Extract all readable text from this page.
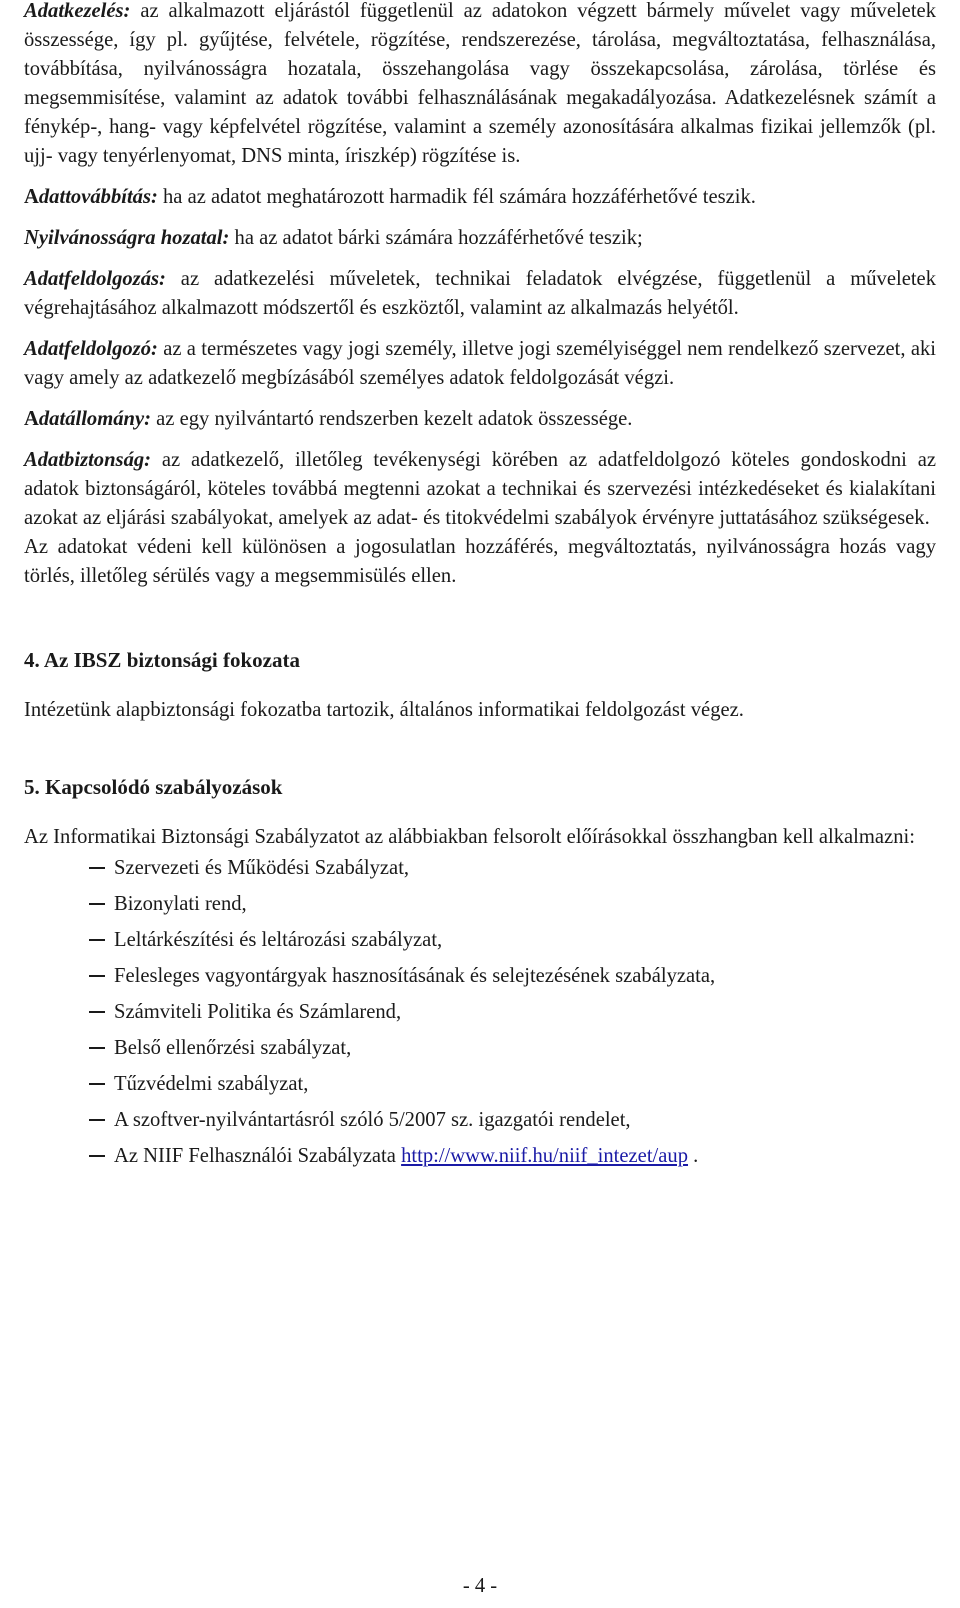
Adatkezelés: az alkalmazott eljárástól függetlenül az adatokon végzett bármely művelet vagy műveletek összessége, így pl. gyűjtése, felvétele, rögzítése, rendszerezése, tárolása, megváltoztatása, felhasználása, továbbítása, nyilvánosságra hozatala, összehangolása vagy összekapcsolása, zárolása, törlése és megsemmisítése, valamint az adatok további felhasználásának megakadályozása. Adatkezelésnek számít a fénykép-, hang- vagy képfelvétel rögzítése, valamint a személy azonosítására alkalmas fizikai jellemzők (pl. ujj- vagy tenyérlenyomat, DNS minta, íriszkép) rögzítése is.

Adattovábbítás: ha az adatot meghatározott harmadik fél számára hozzáférhetővé teszik.

Nyilvánosságra hozatal: ha az adatot bárki számára hozzáférhetővé teszik;

Adatfeldolgozás: az adatkezelési műveletek, technikai feladatok elvégzése, függetlenül a műveletek végrehajtásához alkalmazott módszertől és eszköztől, valamint az alkalmazás helyétől.

Adatfeldolgozó: az a természetes vagy jogi személy, illetve jogi személyiséggel nem rendelkező szervezet, aki vagy amely az adatkezelő megbízásából személyes adatok feldolgozását végzi.

Adatállomány: az egy nyilvántartó rendszerben kezelt adatok összessége.

Adatbiztonság: az adatkezelő, illetőleg tevékenységi körében az adatfeldolgozó köteles gondoskodni az adatok biztonságáról, köteles továbbá megtenni azokat a technikai és szervezési intézkedéseket és kialakítani azokat az eljárási szabályokat, amelyek az adat- és titokvédelmi szabályok érvényre juttatásához szükségesek.

Az adatokat védeni kell különösen a jogosulatlan hozzáférés, megváltoztatás, nyilvánosságra hozás vagy törlés, illetőleg sérülés vagy a megsemmisülés ellen.

4. Az IBSZ biztonsági fokozata

Intézetünk alapbiztonsági fokozatba tartozik, általános informatikai feldolgozást végez.

5. Kapcsolódó szabályozások

Az Informatikai Biztonsági Szabályzatot az alábbiakban felsorolt előírásokkal összhangban kell alkalmazni:

Szervezeti és Működési Szabályzat,
Bizonylati rend,
Leltárkészítési és leltározási szabályzat,
Felesleges vagyontárgyak hasznosításának és selejtezésének szabályzata,
Számviteli Politika és Számlarend,
Belső ellenőrzési szabályzat,
Tűzvédelmi szabályzat,
A szoftver-nyilvántartásról szóló 5/2007 sz. igazgatói rendelet,
Az NIIF Felhasználói Szabályzata http://www.niif.hu/niif_intezet/aup .
- 4 -
